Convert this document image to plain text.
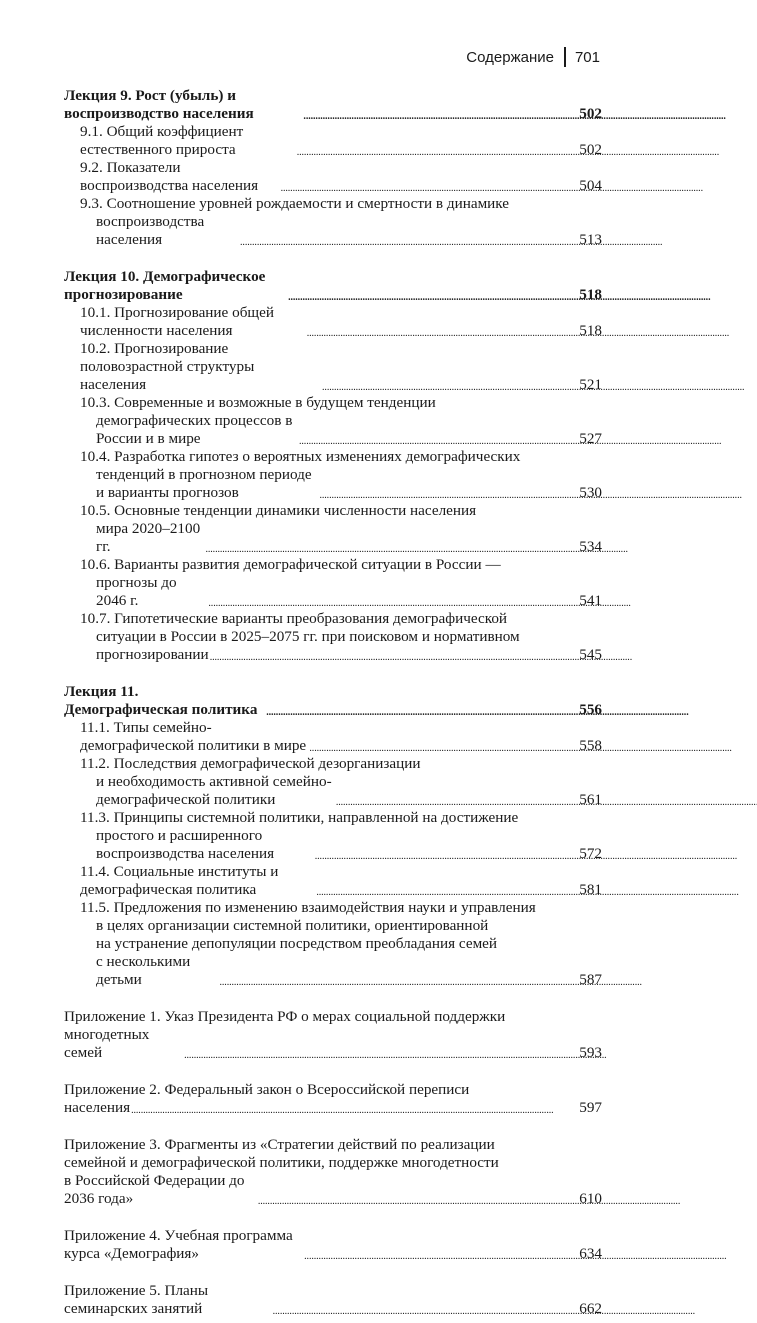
Содержание 701
Лекция 9. Рост (убыль) и воспроизводство населения . . .	502
9.1. Общий коэффициент естественного прироста . . .	502
9.2. Показатели воспроизводства населения . . .	504
9.3. Соотношение уровней рождаемости и смертности в динамике
воспроизводства населения . . .	513
Лекция 10. Демографическое прогнозирование . . .	518
10.1. Прогнозирование общей численности населения . . .	518
10.2. Прогнозирование половозрастной структуры населения . . .	521
10.3. Современные и возможные в будущем тенденции
демографических процессов в России и в мире . . .	527
10.4. Разработка гипотез о вероятных изменениях демографических
тенденций в прогнозном периоде и варианты прогнозов . . .	530
10.5. Основные тенденции динамики численности населения
мира 2020–2100 гг. . . .	534
10.6. Варианты развития демографической ситуации в России —
прогнозы до 2046 г. . . .	541
10.7. Гипотетические варианты преобразования демографической
ситуации в России в 2025–2075 гг. при поисковом и нормативном
прогнозировании . . .	545
Лекция 11. Демографическая политика . . .	556
11.1. Типы семейно-демографической политики в мире . . .	558
11.2. Последствия демографической дезорганизации
и необходимость активной семейно-демографической политики . . .	561
11.3. Принципы системной политики, направленной на достижение
простого и расширенного воспроизводства населения . . .	572
11.4. Социальные институты и демографическая политика . . .	581
11.5. Предложения по изменению взаимодействия науки и управления
в целях организации системной политики, ориентированной
на устранение депопуляции посредством преобладания семей
с несколькими детьми . . .	587
Приложение 1. Указ Президента РФ о мерах социальной поддержки
многодетных семей . . .	593
Приложение 2. Федеральный закон о Всероссийской переписи
населения . . .	597
Приложение 3. Фрагменты из «Стратегии действий по реализации
семейной и демографической политики, поддержке многодетности
в Российской Федерации до 2036 года» . . .	610
Приложение 4. Учебная программа курса «Демография» . . .	634
Приложение 5. Планы семинарских занятий . . .	662
